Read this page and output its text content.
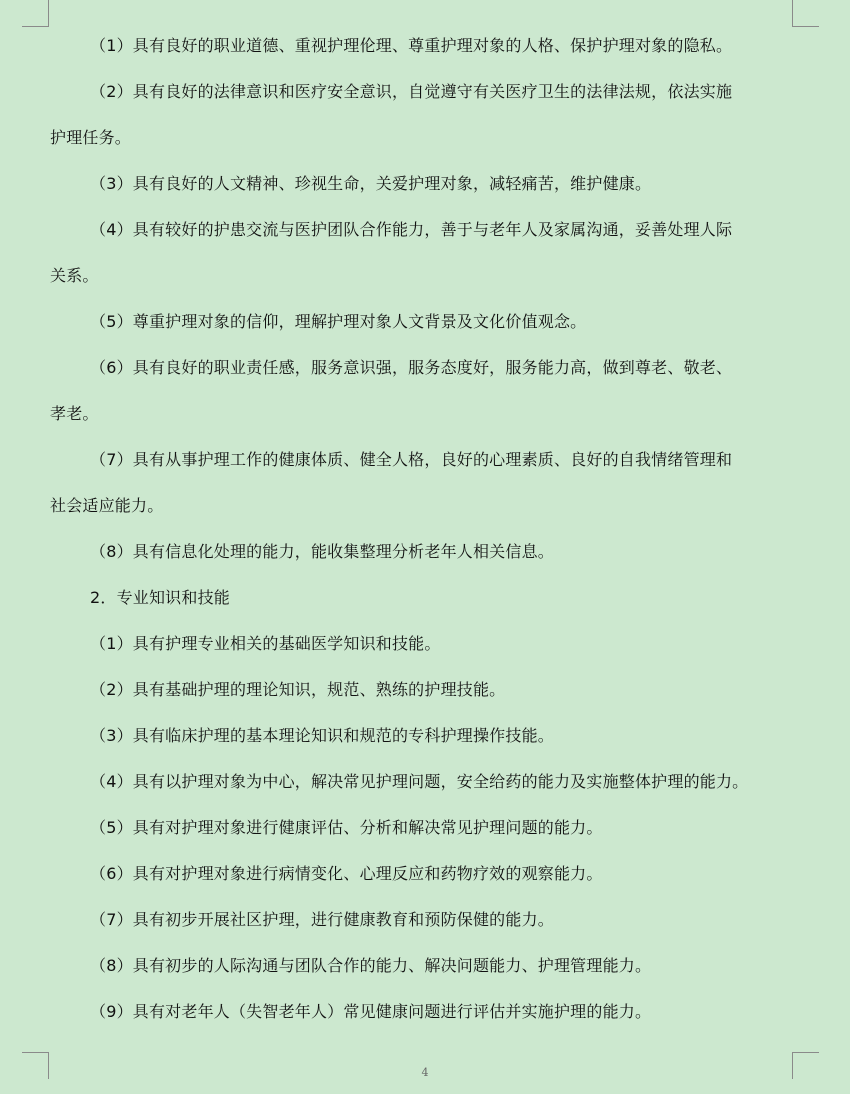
（1）具有良好的职业道德、重视护理伦理、尊重护理对象的人格、保护护理对象的隐私。
（2）具有良好的法律意识和医疗安全意识，自觉遵守有关医疗卫生的法律法规，依法实施
护理任务。
（3）具有良好的人文精神、珍视生命，关爱护理对象，减轻痛苦，维护健康。
（4）具有较好的护患交流与医护团队合作能力，善于与老年人及家属沟通，妥善处理人际
关系。
（5）尊重护理对象的信仰，理解护理对象人文背景及文化价值观念。
（6）具有良好的职业责任感，服务意识强，服务态度好，服务能力高，做到尊老、敬老、
孝老。
（7）具有从事护理工作的健康体质、健全人格，良好的心理素质、良好的自我情绪管理和
社会适应能力。
（8）具有信息化处理的能力，能收集整理分析老年人相关信息。
2．专业知识和技能
（1）具有护理专业相关的基础医学知识和技能。
（2）具有基础护理的理论知识，规范、熟练的护理技能。
（3）具有临床护理的基本理论知识和规范的专科护理操作技能。
（4）具有以护理对象为中心，解决常见护理问题，安全给药的能力及实施整体护理的能力。
（5）具有对护理对象进行健康评估、分析和解决常见护理问题的能力。
（6）具有对护理对象进行病情变化、心理反应和药物疗效的观察能力。
（7）具有初步开展社区护理，进行健康教育和预防保健的能力。
（8）具有初步的人际沟通与团队合作的能力、解决问题能力、护理管理能力。
（9）具有对老年人（失智老年人）常见健康问题进行评估并实施护理的能力。
4
